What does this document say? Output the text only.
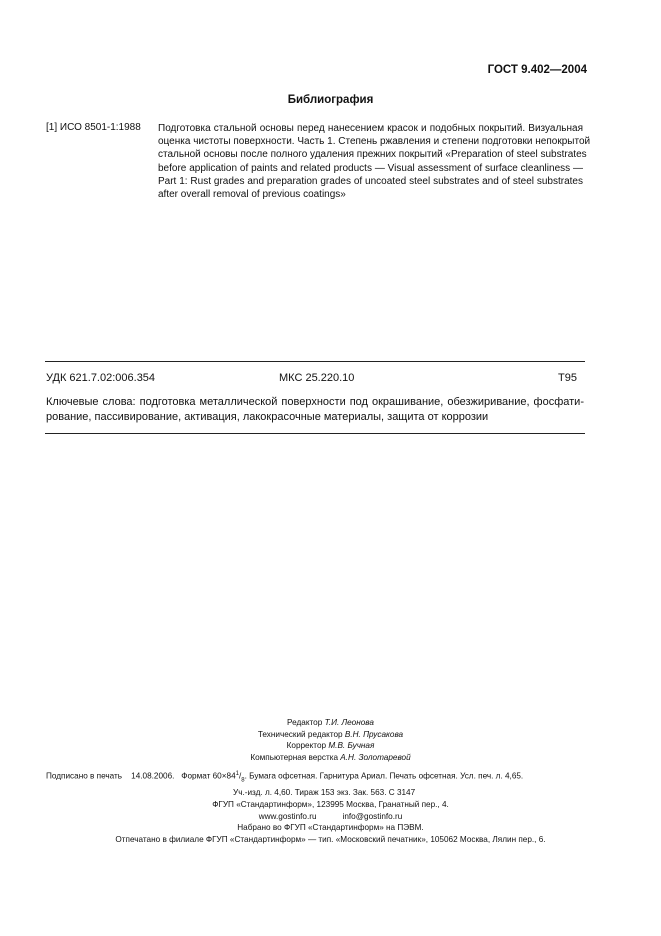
ГОСТ 9.402—2004
Библиография
[1] ИСО 8501-1:1988 Подготовка стальной основы перед нанесением красок и подобных покрытий. Визуальная
оценка чистоты поверхности. Часть 1. Степень ржавления и степени подготовки непокрытой
стальной основы после полного удаления прежних покрытий «Preparation of steel substrates
before application of paints and related products — Visual assessment of surface cleanliness —
Part 1: Rust grades and preparation grades of uncoated steel substrates and of steel substrates
after overall removal of previous coatings»
УДК 621.7.02:006.354	МКС 25.220.10	Т95
Ключевые слова: подготовка металлической поверхности под окрашивание, обезжиривание, фосфати-
рование, пассивирование, активация, лакокрасочные материалы, защита от коррозии
Редактор Т.И. Леонова
Технический редактор В.Н. Прусакова
Корректор М.В. Бучная
Компьютерная верстка А.Н. Золотаревой
Подписано в печать 14.08.2006. Формат $60\times 84^1/_8$. Бумага офсетная. Гарнитура Ариал. Печать офсетная. Усл. печ. л. 4,65.
Уч.-изд. л. 4,60. Тираж 153 экз. Зак. 563. С 3147
ФГУП «Стандартинформ», 123995 Москва, Гранатный пер., 4.
www.gostinfo.ru	info@gostinfo.ru
Набрано во ФГУП «Стандартинформ» на ПЭВМ.
Отпечатано в филиале ФГУП «Стандартинформ» — тип. «Московский печатник», 105062 Москва, Лялин пер., 6.
